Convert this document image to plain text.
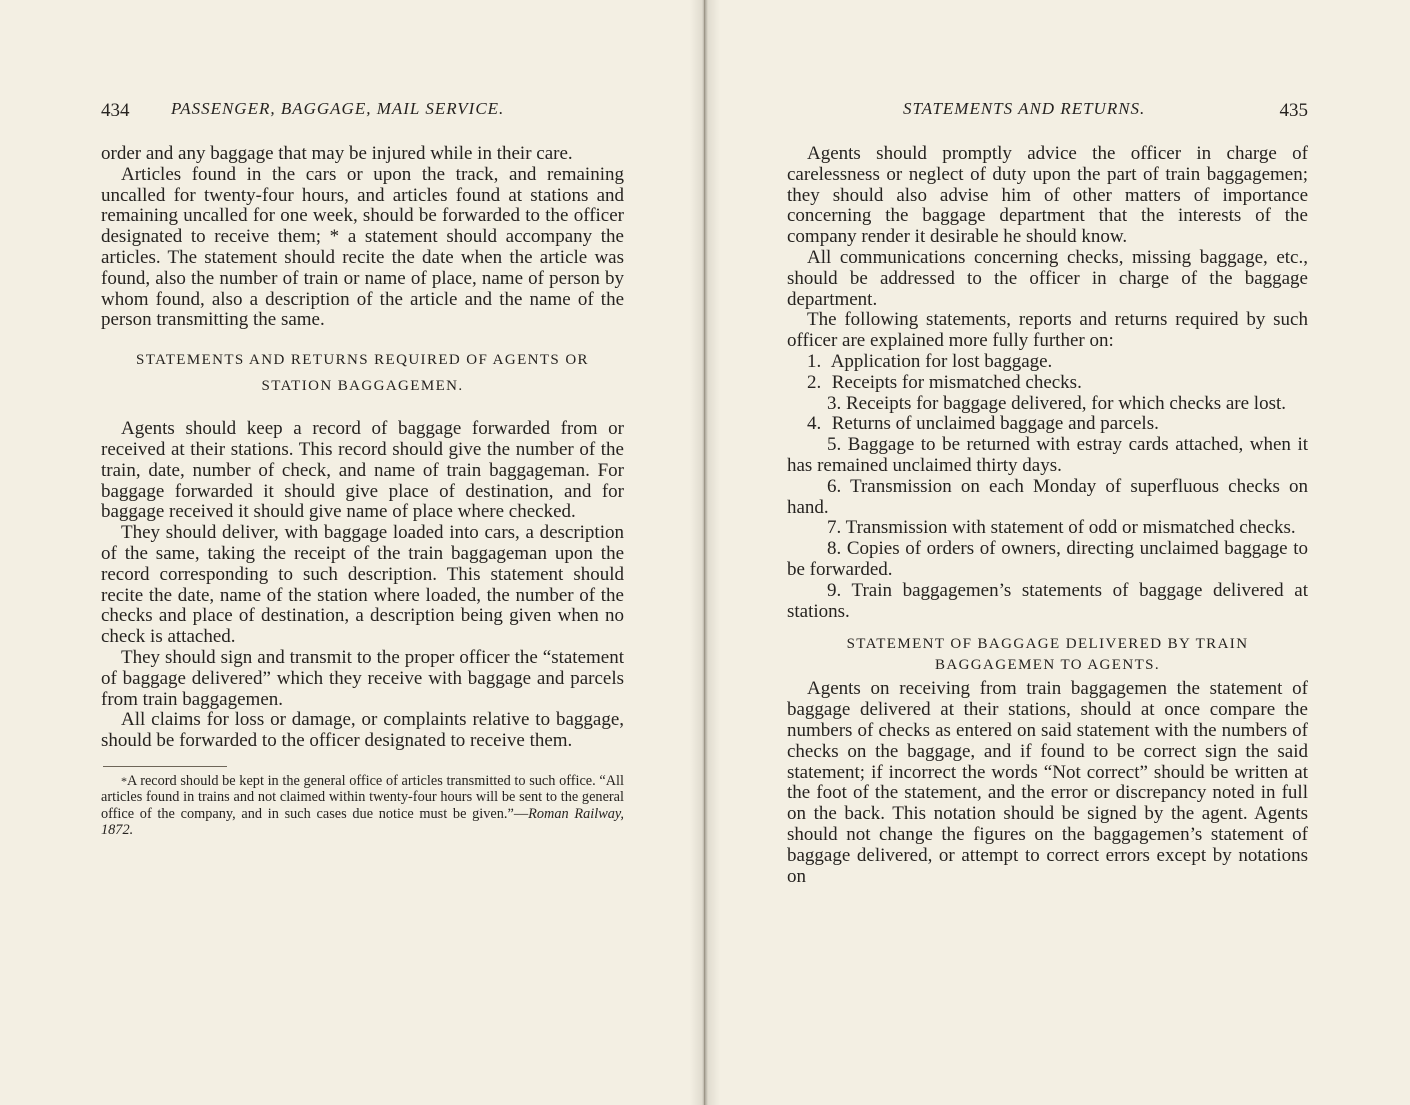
434 PASSENGER, BAGGAGE, MAIL SERVICE.

order and any baggage that may be injured while in their care.

Articles found in the cars or upon the track, and remaining uncalled for twenty-four hours, and articles found at stations and remaining uncalled for one week, should be forwarded to the officer designated to receive them; * a statement should accompany the articles. The statement should recite the date when the article was found, also the number of train or name of place, name of person by whom found, also a description of the article and the name of the person transmitting the same.

STATEMENTS AND RETURNS REQUIRED OF AGENTS OR STATION BAGGAGEMEN.

Agents should keep a record of baggage forwarded from or received at their stations. This record should give the number of the train, date, number of check, and name of train baggageman. For baggage forwarded it should give place of destination, and for baggage received it should give name of place where checked.

They should deliver, with baggage loaded into cars, a description of the same, taking the receipt of the train baggageman upon the record corresponding to such description. This statement should recite the date, name of the station where loaded, the number of the checks and place of destination, a description being given when no check is attached.

They should sign and transmit to the proper officer the “statement of baggage delivered” which they receive with baggage and parcels from train baggagemen.

All claims for loss or damage, or complaints relative to baggage, should be forwarded to the officer designated to receive them.

*A record should be kept in the general office of articles transmitted to such office. “All articles found in trains and not claimed within twenty-four hours will be sent to the general office of the company, and in such cases due notice must be given.”—Roman Railway, 1872.

STATEMENTS AND RETURNS.	435

Agents should promptly advice the officer in charge of carelessness or neglect of duty upon the part of train baggagemen; they should also advise him of other matters of importance concerning the baggage department that the interests of the company render it desirable he should know.

All communications concerning checks, missing baggage, etc., should be addressed to the officer in charge of the baggage department.

The following statements, reports and returns required by such officer are explained more fully further on:

1. Application for lost baggage.
2. Receipts for mismatched checks.
3. Receipts for baggage delivered, for which checks are lost.
4. Returns of unclaimed baggage and parcels.
5. Baggage to be returned with estray cards attached, when it has remained unclaimed thirty days.
6. Transmission on each Monday of superfluous checks on hand.
7. Transmission with statement of odd or mismatched checks.
8. Copies of orders of owners, directing unclaimed baggage to be forwarded.
9. Train baggagemen’s statements of baggage delivered at stations.
STATEMENT OF BAGGAGE DELIVERED BY TRAIN BAGGAGEMEN TO AGENTS.

Agents on receiving from train baggagemen the statement of baggage delivered at their stations, should at once compare the numbers of checks as entered on said statement with the numbers of checks on the baggage, and if found to be correct sign the said statement; if incorrect the words “Not correct” should be written at the foot of the statement, and the error or discrepancy noted in full on the back. This notation should be signed by the agent. Agents should not change the figures on the baggagemen’s statement of baggage delivered, or attempt to correct errors except by notations on
